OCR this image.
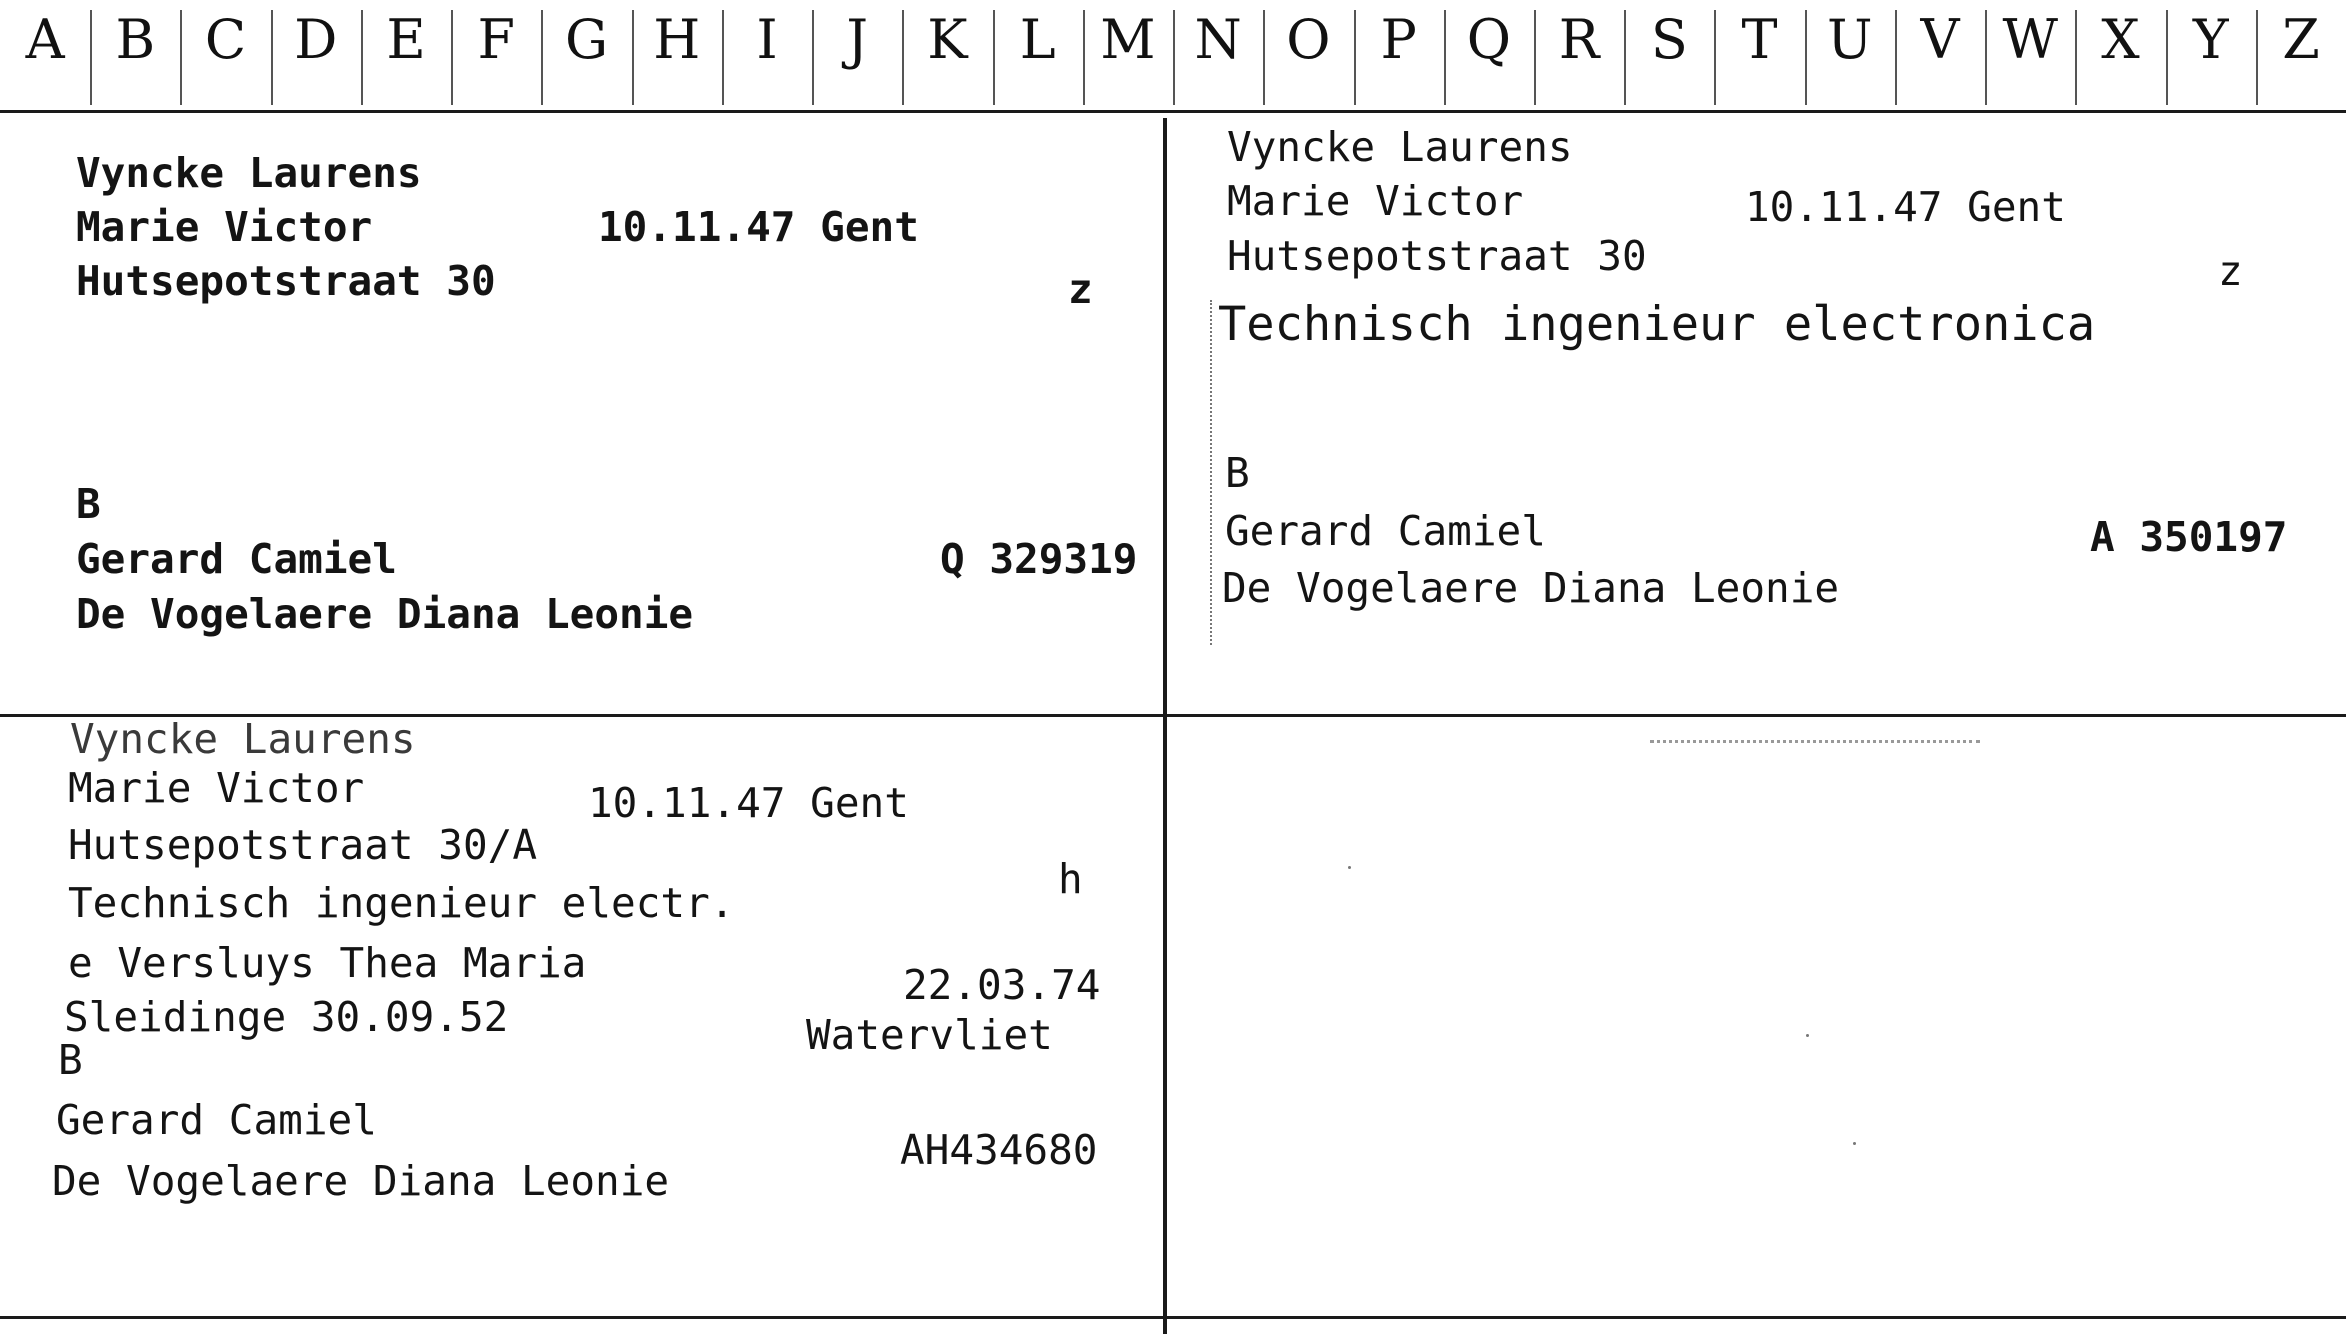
A B C D E F G H	I	J	K L M N O P Q R S T U V W X Y Z
Vyncke Laurens
Marie Victor	10.11.47 Gent
Hutsepotstraat 30	z
B
Gerard Camiel	Q 329319
De Vogelaere Diana Leonie
Vyncke Laurens
Marie Victor	10.11.47 Gent
Hutsepotstraat 30	z
Technisch ingenieur electronica
B
Gerard Camiel	A 350197
De Vogelaere Diana Leonie
Vyncke Laurens
Marie Victor	10.11.47 Gent
Hutsepotstraat 30/A
h
Technisch ingenieur electr.
e Versluys Thea Maria	22.03.74
Sleidinge 30.09.52	Watervliet
B
Gerard Camiel
AH434680
De Vogelaere Diana Leonie
